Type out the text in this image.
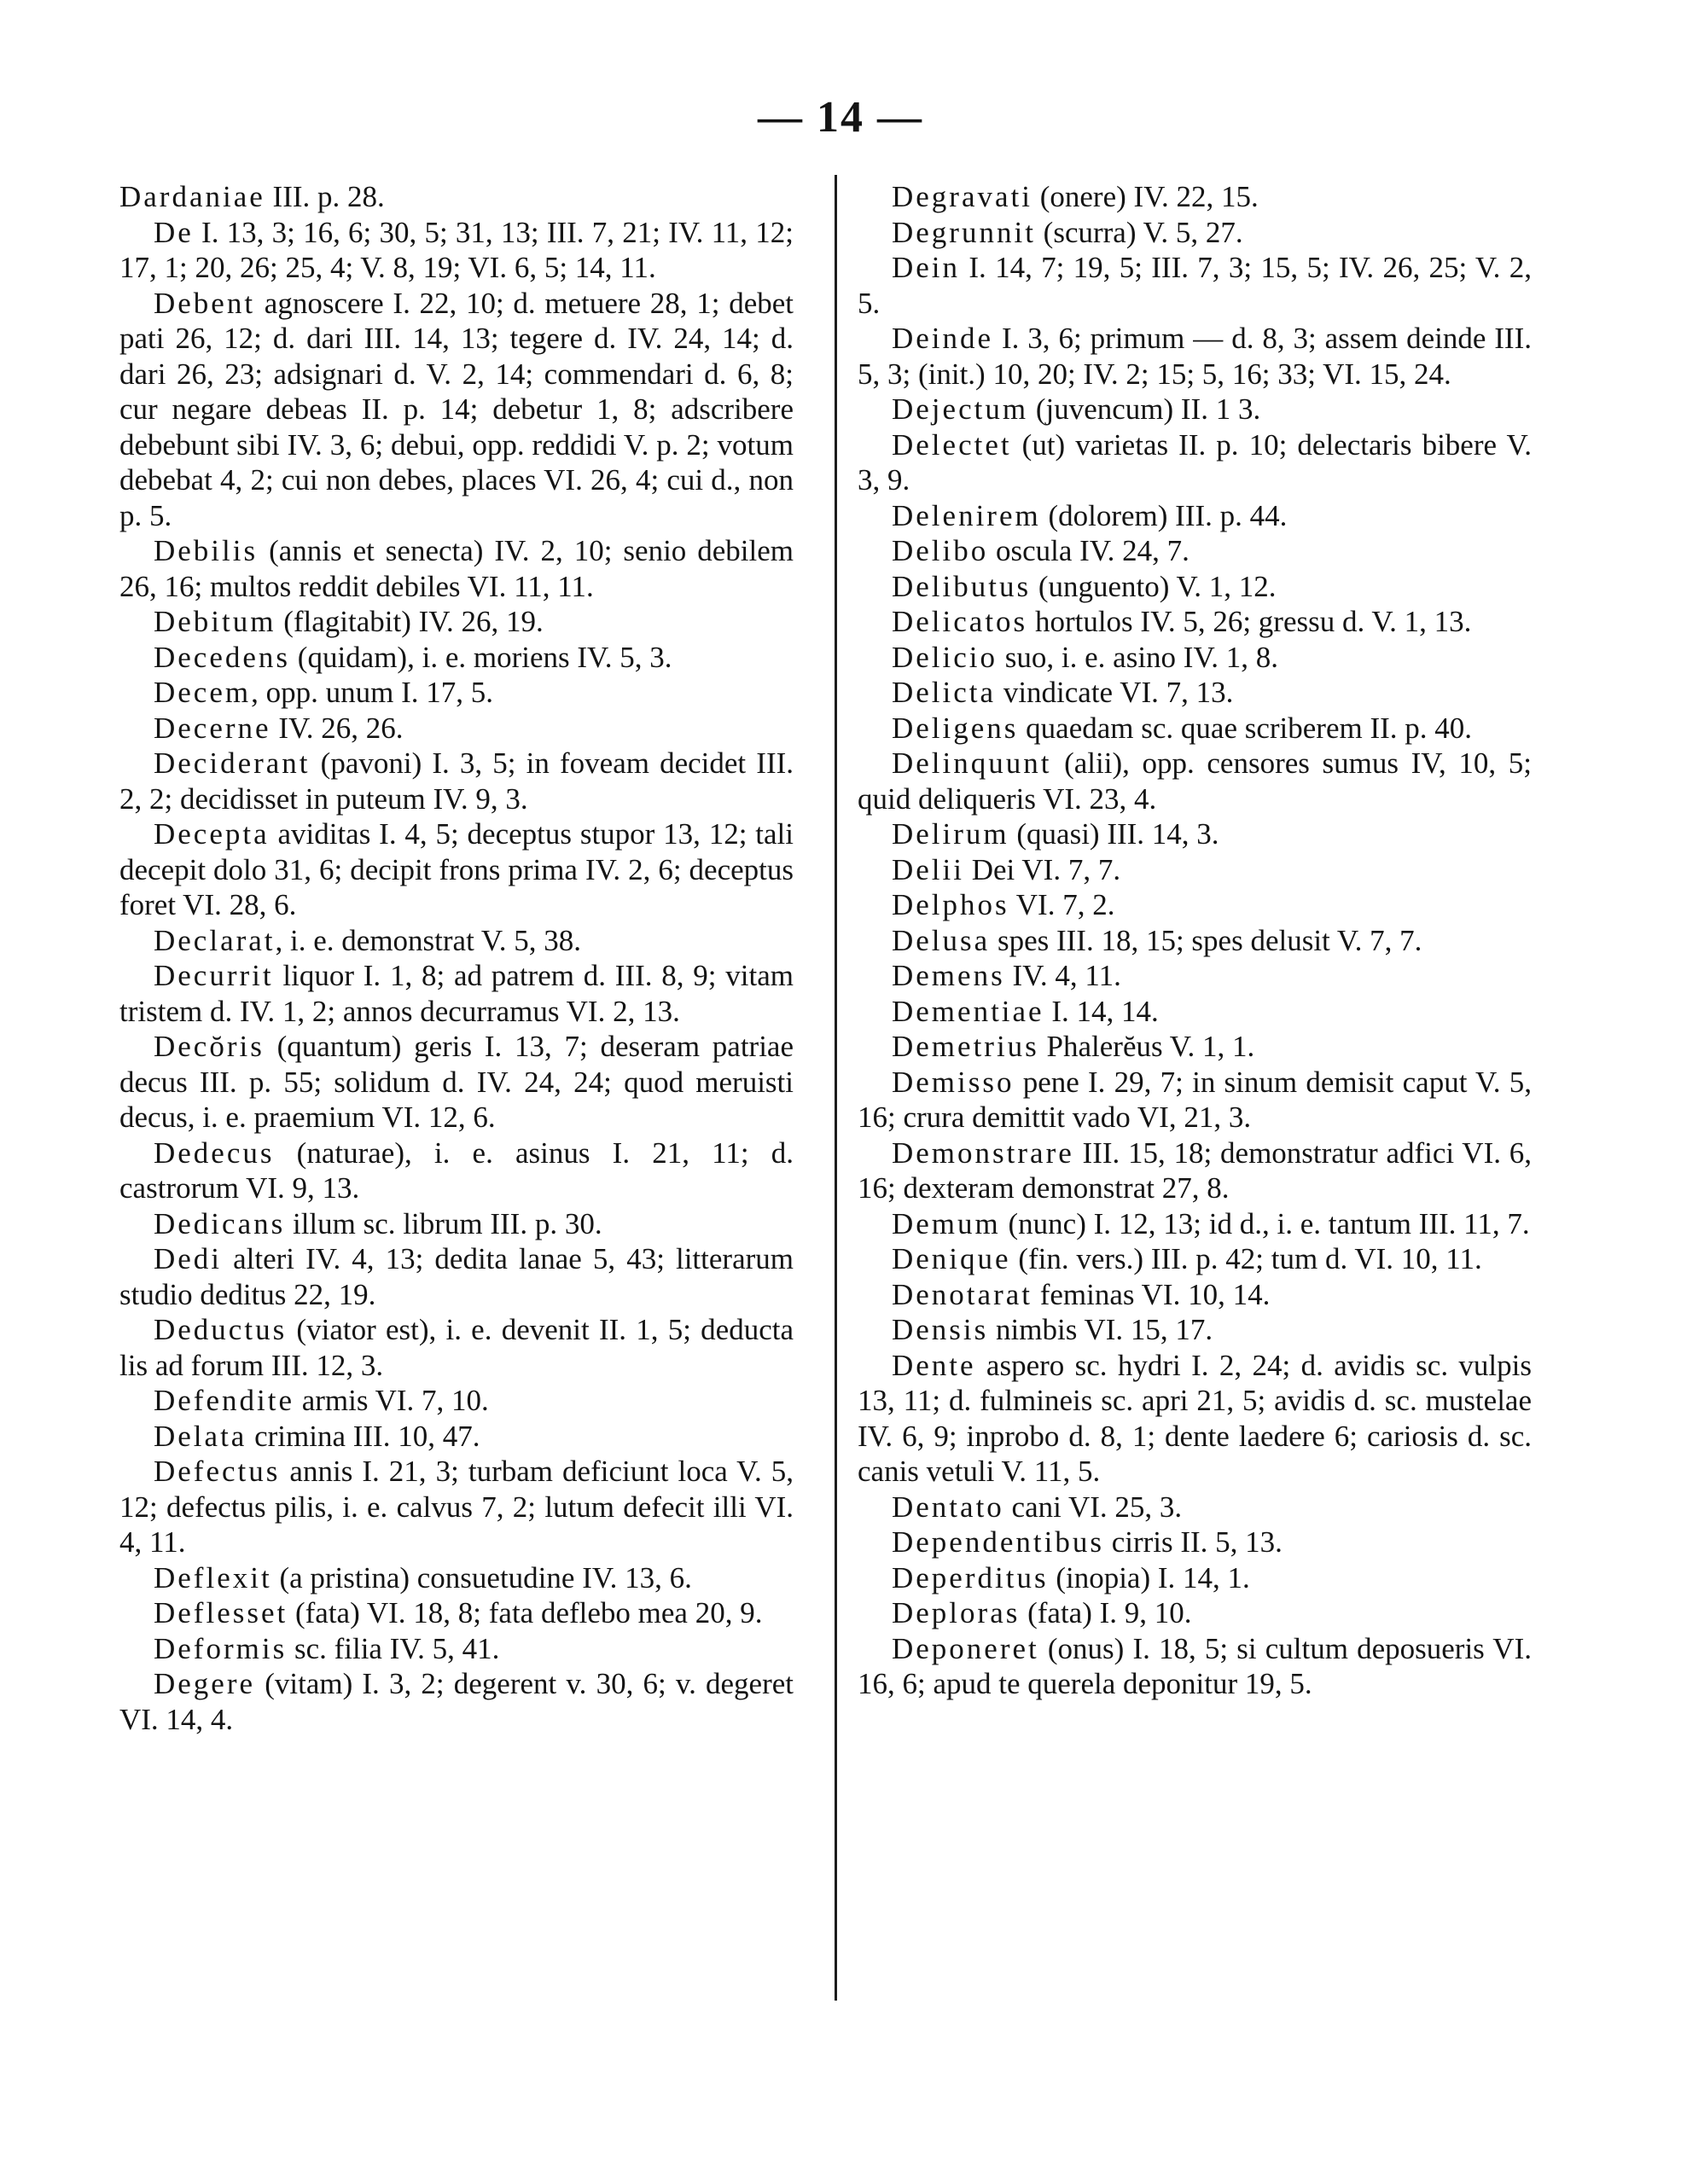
— 14 —

Dardaniae III. p. 28.

De I. 13, 3; 16, 6; 30, 5; 31, 13; III. 7, 21; IV. 11, 12; 17, 1; 20, 26; 25, 4; V. 8, 19; VI. 6, 5; 14, 11.

Debent agnoscere I. 22, 10; d. metuere 28, 1; debet pati 26, 12; d. dari III. 14, 13; tegere d. IV. 24, 14; d. dari 26, 23; adsignari d. V. 2, 14; commendari d. 6, 8; cur negare debeas II. p. 14; debetur 1, 8; adscribere debebunt sibi IV. 3, 6; debui, opp. reddidi V. p. 2; votum debebat 4, 2; cui non debes, places VI. 26, 4; cui d., non p. 5.

Debilis (annis et senecta) IV. 2, 10; senio debilem 26, 16; multos reddit debiles VI. 11, 11.

Debitum (flagitabit) IV. 26, 19.

Decedens (quidam), i. e. moriens IV. 5, 3.

Decem, opp. unum I. 17, 5.

Decerne IV. 26, 26.

Deciderant (pavoni) I. 3, 5; in foveam decidet III. 2, 2; decidisset in puteum IV. 9, 3.

Decepta aviditas I. 4, 5; deceptus stupor 13, 12; tali decepit dolo 31, 6; decipit frons prima IV. 2, 6; deceptus foret VI. 28, 6.

Declarat, i. e. demonstrat V. 5, 38.

Decurrit liquor I. 1, 8; ad patrem d. III. 8, 9; vitam tristem d. IV. 1, 2; annos decurramus VI. 2, 13.

Decŏris (quantum) geris I. 13, 7; deseram patriae decus III. p. 55; solidum d. IV. 24, 24; quod meruisti decus, i. e. praemium VI. 12, 6.

Dedecus (naturae), i. e. asinus I. 21, 11; d. castrorum VI. 9, 13.

Dedicans illum sc. librum III. p. 30.

Dedi alteri IV. 4, 13; dedita lanae 5, 43; litterarum studio deditus 22, 19.

Deductus (viator est), i. e. devenit II. 1, 5; deducta lis ad forum III. 12, 3.

Defendite armis VI. 7, 10.

Delata crimina III. 10, 47.

Defectus annis I. 21, 3; turbam deficiunt loca V. 5, 12; defectus pilis, i. e. calvus 7, 2; lutum defecit illi VI. 4, 11.

Deflexit (a pristina) consuetudine IV. 13, 6.

Deflesset (fata) VI. 18, 8; fata deflebo mea 20, 9.

Deformis sc. filia IV. 5, 41.

Degere (vitam) I. 3, 2; degerent v. 30, 6; v. degeret VI. 14, 4.

Degravati (onere) IV. 22, 15.

Degrunnit (scurra) V. 5, 27.

Dein I. 14, 7; 19, 5; III. 7, 3; 15, 5; IV. 26, 25; V. 2, 5.

Deinde I. 3, 6; primum — d. 8, 3; assem deinde III. 5, 3; (init.) 10, 20; IV. 2; 15; 5, 16; 33; VI. 15, 24.

Dejectum (juvencum) II. 1 3.

Delectet (ut) varietas II. p. 10; delectaris bibere V. 3, 9.

Delenirem (dolorem) III. p. 44.

Delibo oscula IV. 24, 7.

Delibutus (unguento) V. 1, 12.

Delicatos hortulos IV. 5, 26; gressu d. V. 1, 13.

Delicio suo, i. e. asino IV. 1, 8.

Delicta vindicate VI. 7, 13.

Deligens quaedam sc. quae scriberem II. p. 40.

Delinquunt (alii), opp. censores sumus IV, 10, 5; quid deliqueris VI. 23, 4.

Delirum (quasi) III. 14, 3.

Delii Dei VI. 7, 7.

Delphos VI. 7, 2.

Delusa spes III. 18, 15; spes delusit V. 7, 7.

Demens IV. 4, 11.

Dementiae I. 14, 14.

Demetrius Phalerĕus V. 1, 1.

Demisso pene I. 29, 7; in sinum demisit caput V. 5, 16; crura demittit vado VI, 21, 3.

Demonstrare III. 15, 18; demonstratur adfici VI. 6, 16; dexteram demonstrat 27, 8.

Demum (nunc) I. 12, 13; id d., i. e. tantum III. 11, 7.

Denique (fin. vers.) III. p. 42; tum d. VI. 10, 11.

Denotarat feminas VI. 10, 14.

Densis nimbis VI. 15, 17.

Dente aspero sc. hydri I. 2, 24; d. avidis sc. vulpis 13, 11; d. fulmineis sc. apri 21, 5; avidis d. sc. mustelae IV. 6, 9; inprobo d. 8, 1; dente laedere 6; cariosis d. sc. canis vetuli V. 11, 5.

Dentato cani VI. 25, 3.

Dependentibus cirris II. 5, 13.

Deperditus (inopia) I. 14, 1.

Deploras (fata) I. 9, 10.

Deponeret (onus) I. 18, 5; si cultum deposueris VI. 16, 6; apud te querela deponitur 19, 5.
